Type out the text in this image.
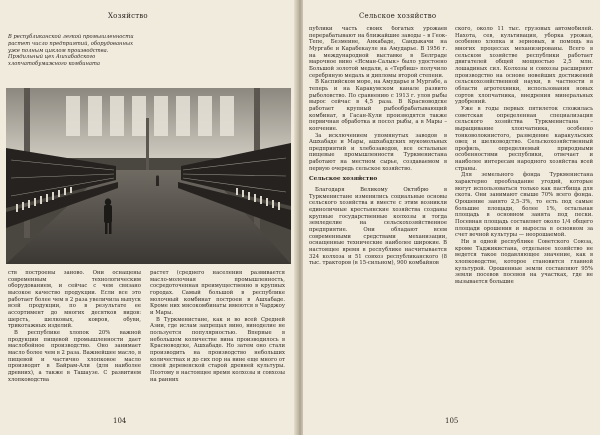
Хозяйство

В республиканской легкой промышленности растет число предприятий, оборудованных уже полным циклом производства.

Прядильный цех Ашхабадского хлопчатобумажного комбината

ств построены заново. Они оснащены современным технологическим оборудованием, и сейчас с чем связано высокое качество продукции. Если все это работает более чем в 2 раза увеличила выпуск всей продукции, по в результате ее ассортимент до многих десятков видов: шерсть, шелковых, ковров, обуви, трикотажных изделий.

В республике хлопок 20% важной продукции пищевой промышленности дает маслобойное производство. Оно занимает масло более чем в 2 раза. Важнейшее масло, в пищевой и частично хлопковое масло производят в Байрам-Али (для наиболее древних), а также в Ташаузе. С развитием хлопководства

растет (среднего населения развивается масло-молочная промышленность, сосредоточенная преимущественно в крупных городах. Самый большой в республике молочный комбинат построен в Ашхабаде. Кроме них мясокомбинаты имеются в Чарджоу и Мары.

В Туркменистане, как и во всей Средней Азии, где ислам запрещал вино, виноделие не пользуется популярностью. Впервые в небольшом количестве вина производилось в Красноводске, Ашхабаде. Но затем оно стали производить на производство небольших количествах и до сих пор на вине еще много от своей деревенской старой древней культуры. Поэтому в настоящее время колхозы и совхозы на ранних

104
Сельское хозяйство

публики часть своих богатых урожаев перерабатывают на ближайшие заводы – в Геок-Тепе, Безмеине, Анкабаде, Сандыкачи на Мургабе и Карабекауле на Амударье. В 1956 г. на международной выставке в Белграде марочное вино «Ясман-Салык» было удостоено Большой золотой медали, а «Тербиш» получило серебряную медаль и дипломы второй степени.

В Каспийском море, на Амударье и Мургабе, а теперь и на Каракумском канале развито рыболовство. По сравнению с 1913 г. улов рыбы вырос сейчас в 4,5 раза. В Красноводске работает крупный рыбообрабатывающий комбинат, в Гасан-Кули производятся также первичная обработка и посол рыбы, а в Мары – копчение.

За исключением упомянутых заводов в Ашхабаде и Мары, ашхабадских мукомольных предприятий и хлебозаводов, все остальные пищевые промышленности Туркменистана работают на местном сырье, создаваемом в первую очередь сельское хозяйство.

Сельское хозяйство

Благодаря Великому Октябрю в Туркменистане изменились социальные основы сельского хозяйства и вместе с этим возникли единоличные крестьянские хозяйства созданы крупные государственные колхозы и тогда земледелие на сельскохозяйственное предприятие. Они обладают всем современными средствами механизации, оснащенные технические наиболее широкие. В настоящее время в республике насчитывается 324 колхоза и 51 совхоз республиканского (8 тыс. тракторов (в 15-сильном), 900 комбайнов

ского, около 11 тыс. грузовых автомобилей. Нахота, сев, культивация, уборка урожая, особенно хлопка и зерновых, и помощь на многих процессах механизированы. Всего в сельском хозяйстве республики работает двигателей общей мощностью 2,5 млн. лошадиных сил. Колхозы и совхозы расширяют производство на основе новейших достижений сельскохозяйственной науки, в частности в области агротехники, использования новых сортов хлопчатника, внедрения минеральных удобрений.

Уже в годы первых пятилеток сложилась советская определенная специализация сельского хозяйства Туркменистана – выращивание хлопчатника, особенно тонковолокнистого, разведение каракульских овец и шелководство. Сельскохозяйственный профиль, определяемый природными особенностями республики, отвечает и наиболее интересам народного хозяйства всей страны.

Для земельного фонда Туркменистана характерно преобладание угодий, которые могут использоваться только как пастбища для скота. Они занимают свыше 70% всего фонда. Орошение занято 2,5–3%, то есть под самые большие площади, более 1%, остальная площадь в основном занята под пески. Посевная площадь составляет около 1/4 общего площади орошения и выросла в основном за счет вечной культуры — неорошаемой.

Ни в одной республике Советского Союза, кроме Таджикистана, отдельное хозяйство не ведется такое подавляющее значение, как в хлопководстве, которое становится главной культурой. Орошенные земли составляют 95% земли посевов посевов на участках, где не вызывается большие

105
